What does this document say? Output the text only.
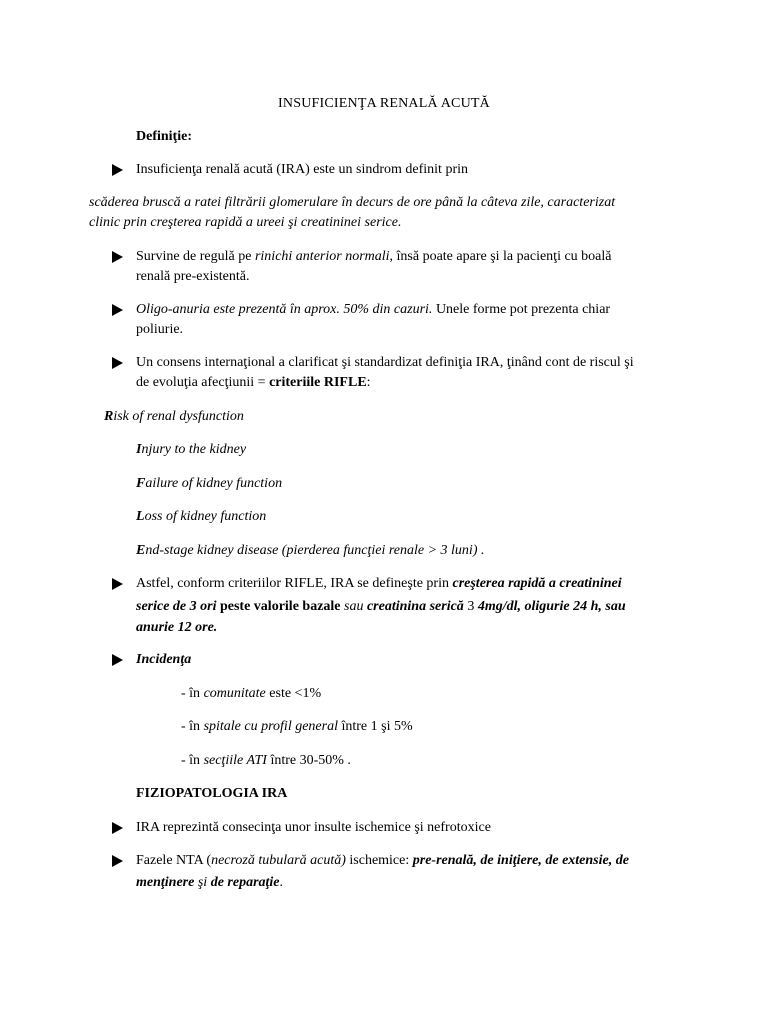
INSUFICIENŢA RENALĂ ACUTĂ
Definiţie:
Insuficienţa renală acută (IRA) este un sindrom definit prin
scăderea bruscă a ratei filtrării glomerulare în decurs de ore până la câteva zile, caracterizat
clinic prin creşterea rapidă a ureei şi creatininei serice.
Survine de regulă pe rinichi anterior normali, însă poate apare şi la pacienţi cu boală
renală pre-existentă.
Oligo-anuria este prezentă în aprox. 50% din cazuri. Unele forme pot prezenta chiar
poliurie.
Un consens internaţional a clarificat şi standardizat definiţia IRA, ţinând cont de riscul şi
de evoluţia afecţiunii = criteriile RIFLE:
Risk of renal dysfunction
Injury to the kidney
Failure of kidney function
Loss of kidney function
End-stage kidney disease (pierderea funcţiei renale > 3 luni) .
Astfel, conform criteriilor RIFLE, IRA se defineşte prin creşterea rapidă a creatininei
serice de 3 ori peste valorile bazale sau creatinina serică 3 4mg/dl, oligurie 24 h, sau
anurie 12 ore.
Incidenţa
- în comunitate este <1%
- în spitale cu profil general între 1 şi 5%
- în secţiile ATI între 30-50% .
FIZIOPATOLOGIA IRA
IRA reprezintă consecinţa unor insulte ischemice şi nefrotoxice
Fazele NTA (necroză tubulară acută) ischemice: pre-renală, de iniţiere, de extensie, de
menţinere şi de reparaţie.
